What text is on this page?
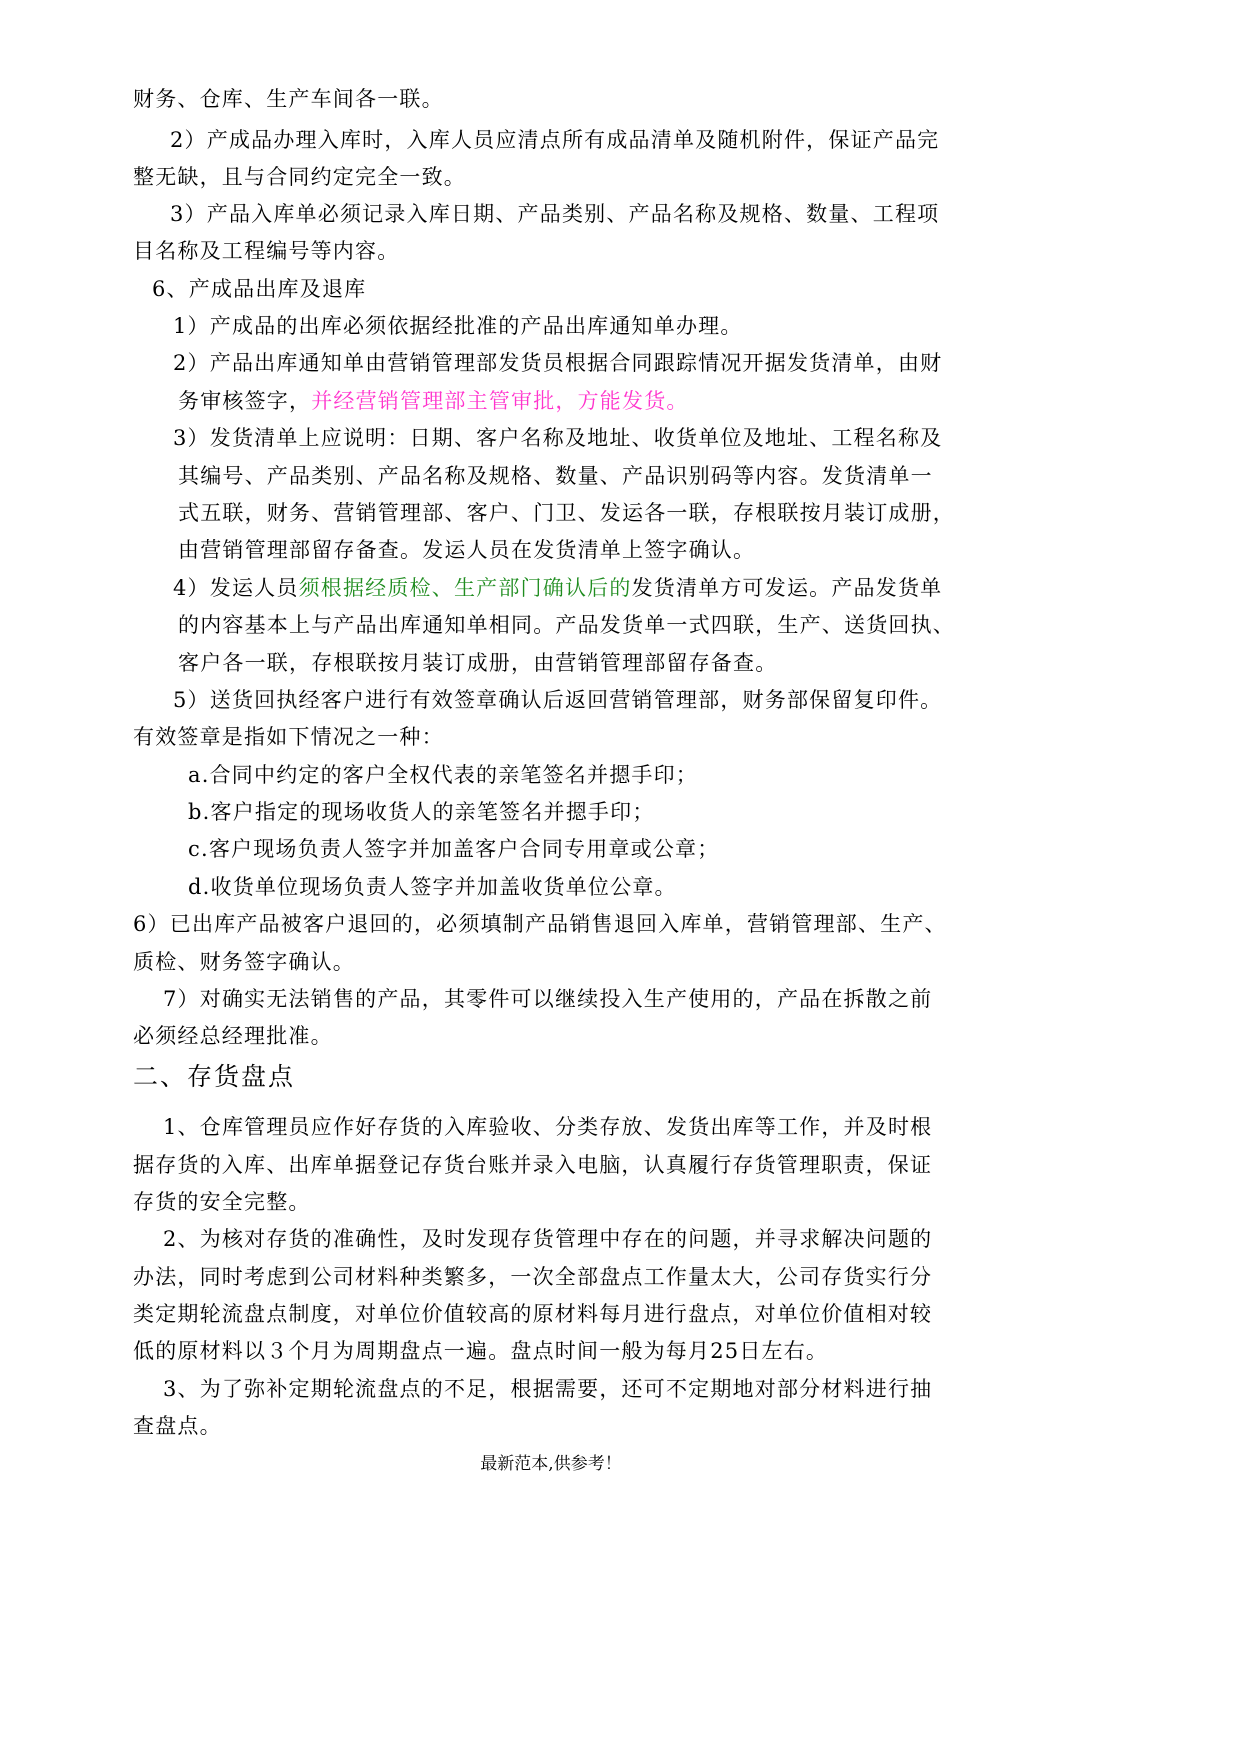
财务、仓库、生产车间各一联。
2）产成品办理入库时，入库人员应清点所有成品清单及随机附件，保证产品完
整无缺，且与合同约定完全一致。
3）产品入库单必须记录入库日期、产品类别、产品名称及规格、数量、工程项
目名称及工程编号等内容。
6、产成品出库及退库
1）产成品的出库必须依据经批准的产品出库通知单办理。
2）产品出库通知单由营销管理部发货员根据合同跟踪情况开据发货清单，由财
务审核签字，并经营销管理部主管审批，方能发货。
3）发货清单上应说明：日期、客户名称及地址、收货单位及地址、工程名称及
其编号、产品类别、产品名称及规格、数量、产品识别码等内容。发货清单一
式五联，财务、营销管理部、客户、门卫、发运各一联，存根联按月装订成册，
由营销管理部留存备查。发运人员在发货清单上签字确认。
4）发运人员须根据经质检、生产部门确认后的发货清单方可发运。产品发货单
的内容基本上与产品出库通知单相同。产品发货单一式四联，生产、送货回执、
客户各一联，存根联按月装订成册，由营销管理部留存备查。
5）送货回执经客户进行有效签章确认后返回营销管理部，财务部保留复印件。
有效签章是指如下情况之一种：
a.合同中约定的客户全权代表的亲笔签名并摁手印；
b.客户指定的现场收货人的亲笔签名并摁手印；
c.客户现场负责人签字并加盖客户合同专用章或公章；
d.收货单位现场负责人签字并加盖收货单位公章。
6）已出库产品被客户退回的，必须填制产品销售退回入库单，营销管理部、生产、
质检、财务签字确认。
7）对确实无法销售的产品，其零件可以继续投入生产使用的，产品在拆散之前
必须经总经理批准。
二、存货盘点
1、仓库管理员应作好存货的入库验收、分类存放、发货出库等工作，并及时根
据存货的入库、出库单据登记存货台账并录入电脑，认真履行存货管理职责，保证
存货的安全完整。
2、为核对存货的准确性，及时发现存货管理中存在的问题，并寻求解决问题的
办法，同时考虑到公司材料种类繁多，一次全部盘点工作量太大，公司存货实行分
类定期轮流盘点制度，对单位价值较高的原材料每月进行盘点，对单位价值相对较
低的原材料以３个月为周期盘点一遍。盘点时间一般为每月25日左右。
3、为了弥补定期轮流盘点的不足，根据需要，还可不定期地对部分材料进行抽
查盘点。
最新范本,供参考！
